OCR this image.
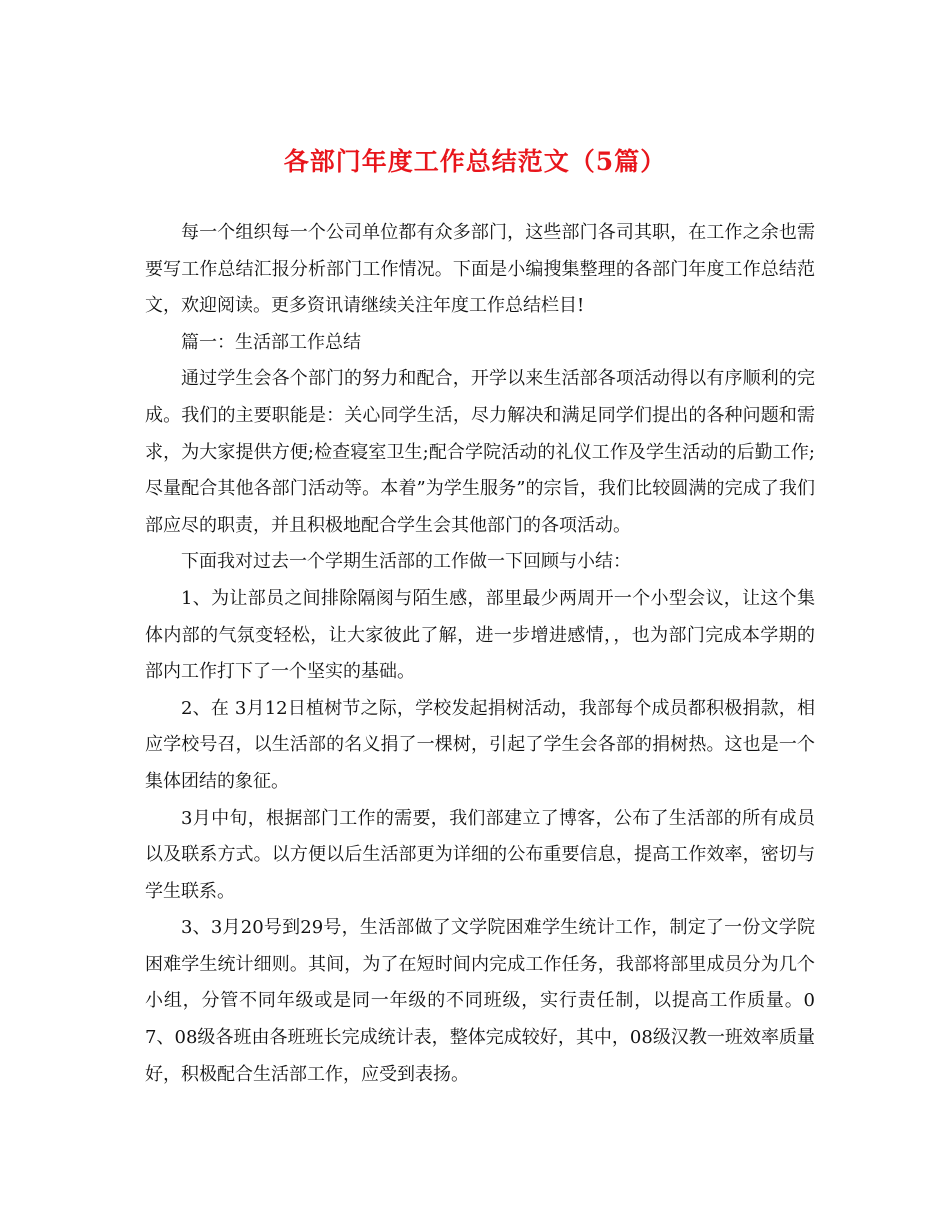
各部门年度工作总结范文（5篇）

每一个组织每一个公司单位都有众多部门，这些部门各司其职，在工作之余也需要写工作总结汇报分析部门工作情况。下面是小编搜集整理的各部门年度工作总结范文，欢迎阅读。更多资讯请继续关注年度工作总结栏目!

篇一：生活部工作总结

通过学生会各个部门的努力和配合，开学以来生活部各项活动得以有序顺利的完成。我们的主要职能是：关心同学生活，尽力解决和满足同学们提出的各种问题和需求，为大家提供方便;检查寝室卫生;配合学院活动的礼仪工作及学生活动的后勤工作;尽量配合其他各部门活动等。本着”为学生服务”的宗旨，我们比较圆满的完成了我们部应尽的职责，并且积极地配合学生会其他部门的各项活动。

下面我对过去一个学期生活部的工作做一下回顾与小结：

1、为让部员之间排除隔阂与陌生感，部里最少两周开一个小型会议，让这个集体内部的气氛变轻松，让大家彼此了解，进一步增进感情，，也为部门完成本学期的部内工作打下了一个坚实的基础。

2、在 3月12日植树节之际，学校发起捐树活动，我部每个成员都积极捐款，相应学校号召，以生活部的名义捐了一棵树，引起了学生会各部的捐树热。这也是一个集体团结的象征。

3月中旬，根据部门工作的需要，我们部建立了博客，公布了生活部的所有成员以及联系方式。以方便以后生活部更为详细的公布重要信息，提高工作效率，密切与学生联系。

3、3月20号到29号，生活部做了文学院困难学生统计工作，制定了一份文学院困难学生统计细则。其间，为了在短时间内完成工作任务，我部将部里成员分为几个小组，分管不同年级或是同一年级的不同班级，实行责任制，以提高工作质量。07、08级各班由各班班长完成统计表，整体完成较好，其中，08级汉教一班效率质量好，积极配合生活部工作，应受到表扬。
